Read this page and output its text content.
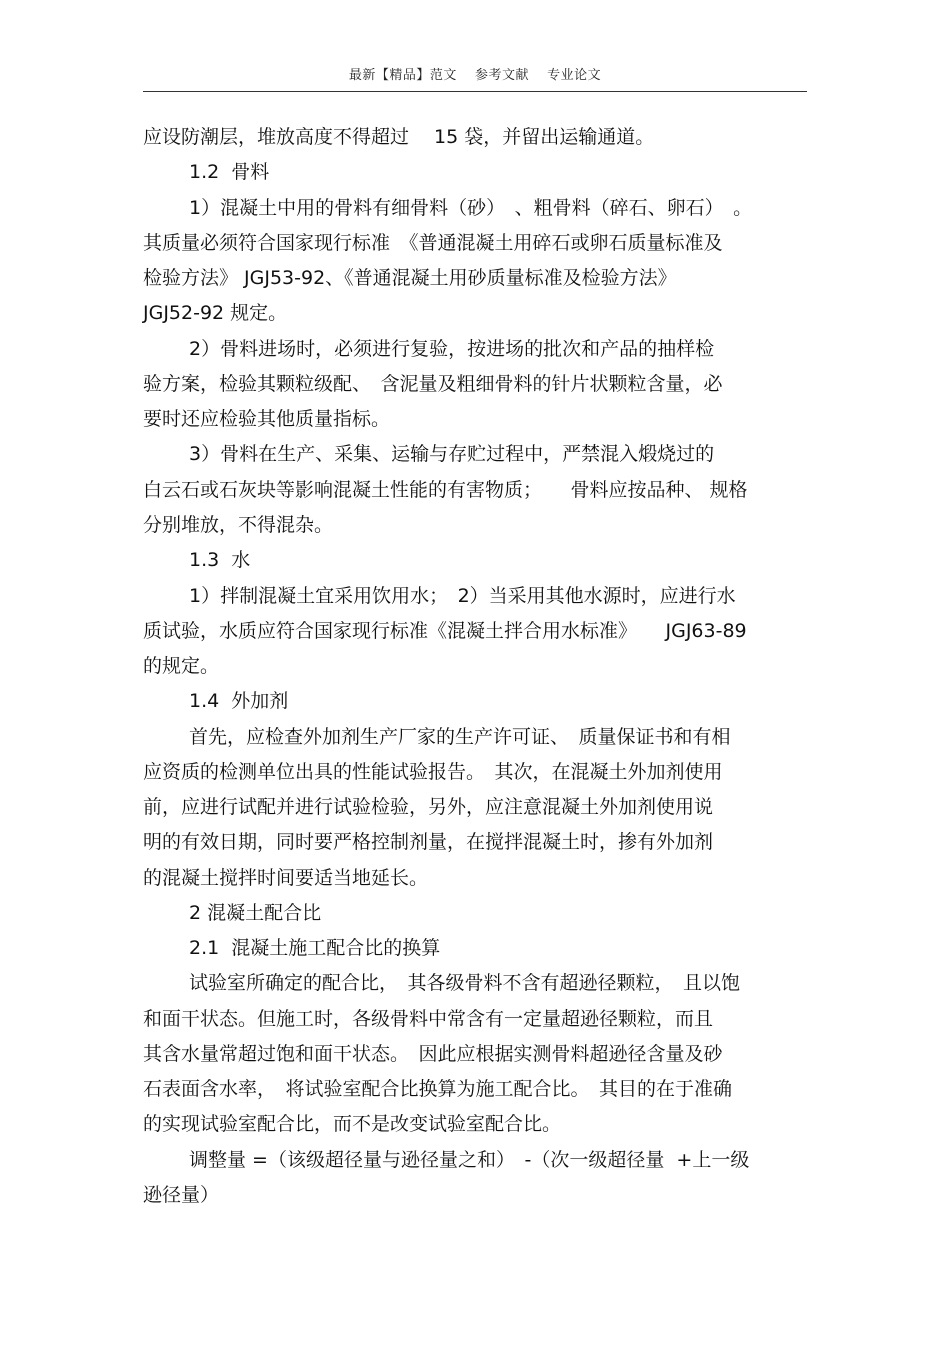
最新【精品】范文　 参考文献　 专业论文
应设防潮层，堆放高度不得超过　 15 袋，并留出运输通道。
1.2  骨料
1）混凝土中用的骨料有细骨料（砂）　、粗骨料（碎石、卵石）　。
其质量必须符合国家现行标准　《普通混凝土用碎石或卵石质量标准及
检验方法》 JGJ53-92、《普通混凝土用砂质量标准及检验方法》
JGJ52-92 规定。
2）骨料进场时，必须进行复验，按进场的批次和产品的抽样检
验方案，检验其颗粒级配、　含泥量及粗细骨料的针片状颗粒含量，必
要时还应检验其他质量指标。
3）骨料在生产、采集、运输与存贮过程中，严禁混入煅烧过的
白云石或石灰块等影响混凝土性能的有害物质；　　骨料应按品种、 规格
分别堆放，不得混杂。
1.3  水
1）拌制混凝土宜采用饮用水；　2）当采用其他水源时，应进行水
质试验，水质应符合国家现行标准《混凝土拌合用水标准》　　JGJ63-89
的规定。
1.4  外加剂
首先，应检查外加剂生产厂家的生产许可证、　质量保证书和有相
应资质的检测单位出具的性能试验报告。　其次，在混凝土外加剂使用
前，应进行试配并进行试验检验，另外，应注意混凝土外加剂使用说
明的有效日期，同时要严格控制剂量，在搅拌混凝土时，掺有外加剂
的混凝土搅拌时间要适当地延长。
2 混凝土配合比
2.1  混凝土施工配合比的换算
试验室所确定的配合比，　其各级骨料不含有超逊径颗粒，　且以饱
和面干状态。但施工时，各级骨料中常含有一定量超逊径颗粒，而且
其含水量常超过饱和面干状态。　因此应根据实测骨料超逊径含量及砂
石表面含水率，　将试验室配合比换算为施工配合比。　其目的在于准确
的实现试验室配合比，而不是改变试验室配合比。
调整量 =（该级超径量与逊径量之和）　-（次一级超径量  +上一级
逊径量）
